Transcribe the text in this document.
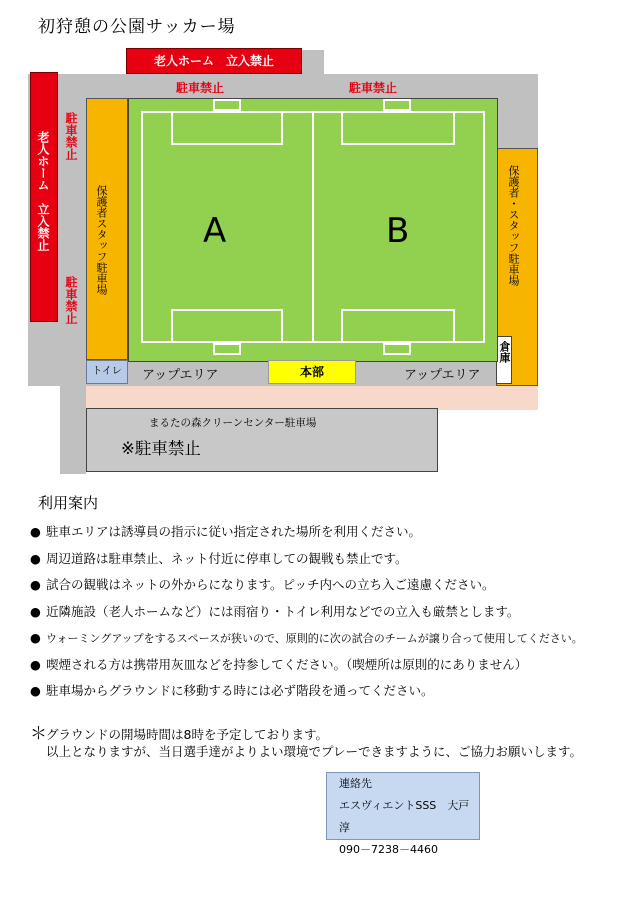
初狩憩の公園サッカー場
老人ホーム　立入禁止
老人ホーム　立入禁止
駐車禁止	駐車禁止
駐車禁止
駐車禁止
保護者スタッフ駐車場
トイレ
保護者・スタッフ駐車場
倉庫
A	B
アップエリア	本部	アップエリア
まるたの森クリーンセンター駐車場
※駐車禁止
利用案内
● 駐車エリアは誘導員の指示に従い指定された場所を利用ください。
● 周辺道路は駐車禁止、ネット付近に停車しての観戦も禁止です。
● 試合の観戦はネットの外からになります。ピッチ内への立ち入ご遠慮ください。
● 近隣施設（老人ホームなど）には雨宿り・トイレ利用などでの立入も厳禁とします。
● ウォーミングアップをするスペースが狭いので、原則的に次の試合のチームが譲り合って使用してください。
● 喫煙される方は携帯用灰皿などを持参してください。（喫煙所は原則的にありません）
● 駐車場からグラウンドに移動する時には必ず階段を通ってください。
＊グラウンドの開場時間は8時を予定しております。
以上となりますが、当日選手達がよりよい環境でプレーできますように、ご協力お願いします。
連絡先
エスヴィエントSSS　大戸淳
090－7238－4460
